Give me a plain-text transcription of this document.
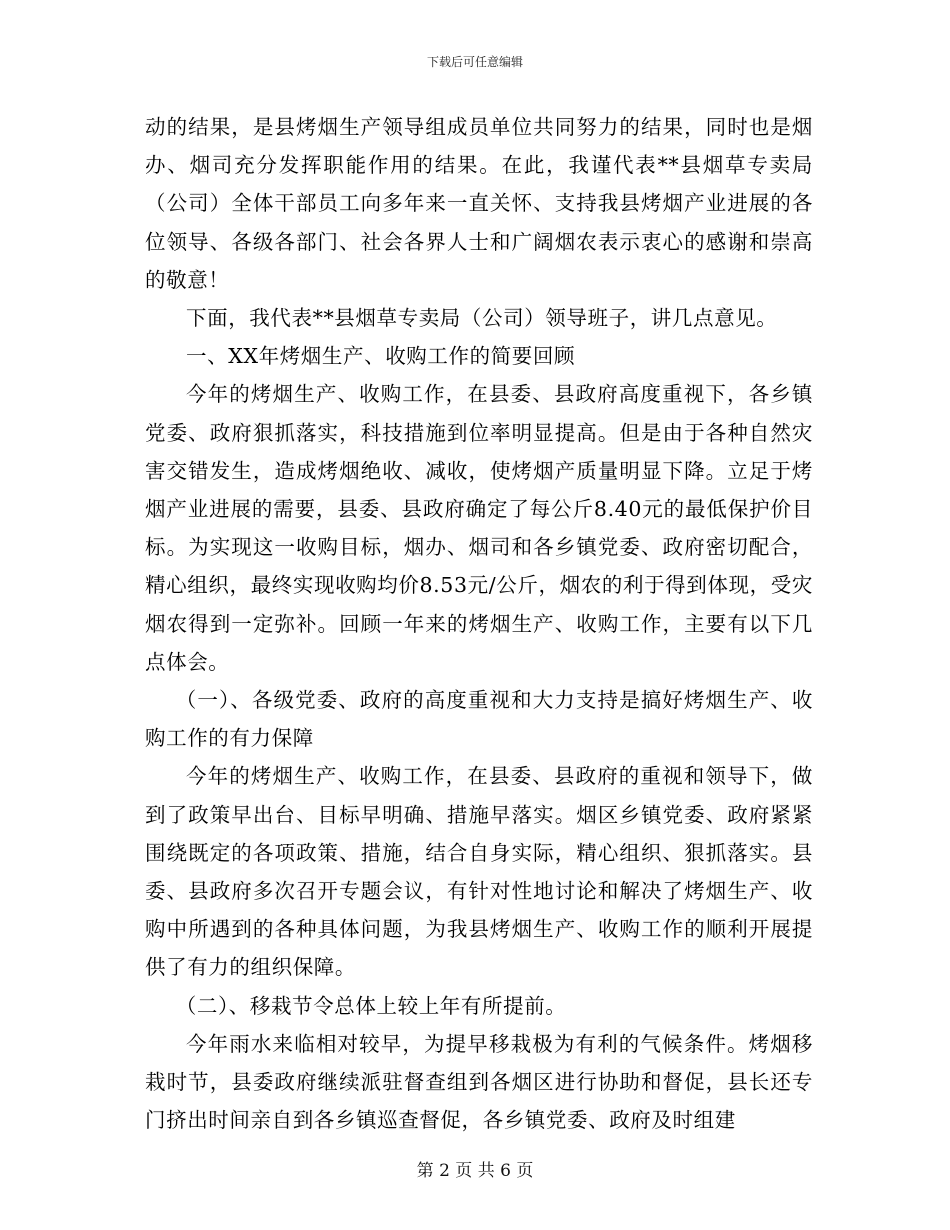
下载后可任意编辑

动的结果，是县烤烟生产领导组成员单位共同努力的结果，同时也是烟办、烟司充分发挥职能作用的结果。在此，我谨代表**县烟草专卖局（公司）全体干部员工向多年来一直关怀、支持我县烤烟产业进展的各位领导、各级各部门、社会各界人士和广阔烟农表示衷心的感谢和崇高的敬意！

下面，我代表**县烟草专卖局（公司）领导班子，讲几点意见。

一、XX年烤烟生产、收购工作的简要回顾

今年的烤烟生产、收购工作，在县委、县政府高度重视下，各乡镇党委、政府狠抓落实，科技措施到位率明显提高。但是由于各种自然灾害交错发生，造成烤烟绝收、减收，使烤烟产质量明显下降。立足于烤烟产业进展的需要，县委、县政府确定了每公斤8.40元的最低保护价目标。为实现这一收购目标，烟办、烟司和各乡镇党委、政府密切配合，精心组织，最终实现收购均价8.53元/公斤，烟农的利于得到体现，受灾烟农得到一定弥补。回顾一年来的烤烟生产、收购工作，主要有以下几点体会。

（一）、各级党委、政府的高度重视和大力支持是搞好烤烟生产、收购工作的有力保障

今年的烤烟生产、收购工作，在县委、县政府的重视和领导下，做到了政策早出台、目标早明确、措施早落实。烟区乡镇党委、政府紧紧围绕既定的各项政策、措施，结合自身实际，精心组织、狠抓落实。县委、县政府多次召开专题会议，有针对性地讨论和解决了烤烟生产、收购中所遇到的各种具体问题，为我县烤烟生产、收购工作的顺利开展提供了有力的组织保障。

（二）、移栽节令总体上较上年有所提前。

今年雨水来临相对较早，为提早移栽极为有利的气候条件。烤烟移栽时节，县委政府继续派驻督查组到各烟区进行协助和督促，县长还专门挤出时间亲自到各乡镇巡查督促，各乡镇党委、政府及时组建

第 2 页 共 6 页
